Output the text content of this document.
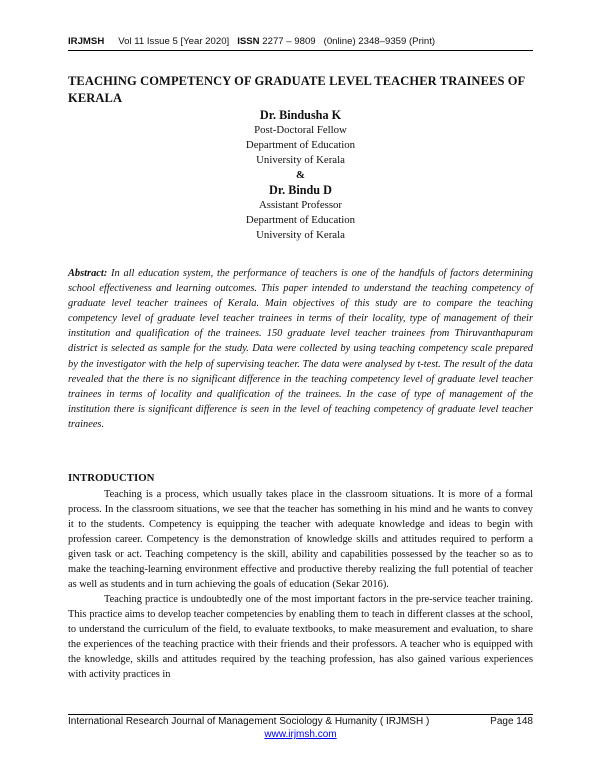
IRJMSH Vol 11 Issue 5 [Year 2020] ISSN 2277 – 9809 (0nline) 2348–9359 (Print)
TEACHING COMPETENCY OF GRADUATE LEVEL TEACHER TRAINEES OF KERALA
Dr. Bindusha K
Post-Doctoral Fellow
Department of Education
University of Kerala
&
Dr. Bindu D
Assistant Professor
Department of Education
University of Kerala

Abstract: In all education system, the performance of teachers is one of the handfuls of factors determining school effectiveness and learning outcomes. This paper intended to understand the teaching competency of graduate level teacher trainees of Kerala. Main objectives of this study are to compare the teaching competency level of graduate level teacher trainees in terms of their locality, type of management of their institution and qualification of the trainees. 150 graduate level teacher trainees from Thiruvanthapuram district is selected as sample for the study. Data were collected by using teaching competency scale prepared by the investigator with the help of supervising teacher. The data were analysed by t-test. The result of the data revealed that the there is no significant difference in the teaching competency level of graduate level teacher trainees in terms of locality and qualification of the trainees. In the case of type of management of the institution there is significant difference is seen in the level of teaching competency of graduate level teacher trainees.

INTRODUCTION

Teaching is a process, which usually takes place in the classroom situations. It is more of a formal process. In the classroom situations, we see that the teacher has something in his mind and he wants to convey it to the students. Competency is equipping the teacher with adequate knowledge and ideas to begin with profession career. Competency is the demonstration of knowledge skills and attitudes required to perform a given task or act. Teaching competency is the skill, ability and capabilities possessed by the teacher so as to make the teaching-learning environment effective and productive thereby realizing the full potential of teacher as well as students and in turn achieving the goals of education (Sekar 2016).

Teaching practice is undoubtedly one of the most important factors in the pre-service teacher training. This practice aims to develop teacher competencies by enabling them to teach in different classes at the school, to understand the curriculum of the field, to evaluate textbooks, to make measurement and evaluation, to share the experiences of the teaching practice with their friends and their professors. A teacher who is equipped with the knowledge, skills and attitudes required by the teaching profession, has also gained various experiences with activity practices in

International Research Journal of Management Sociology & Humanity ( IRJMSH )	Page 148
www.irjmsh.com
